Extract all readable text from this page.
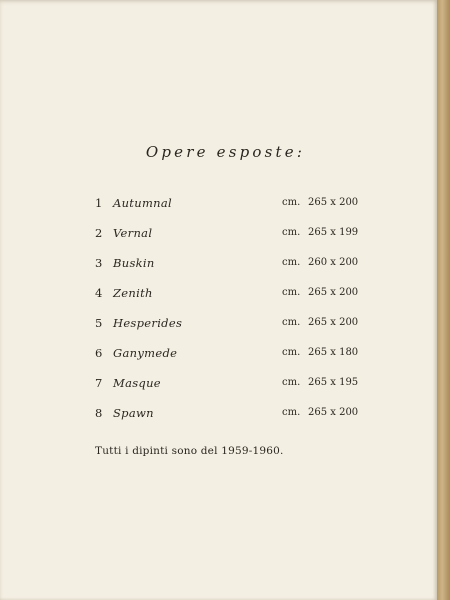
Opere esposte:
1 Autumnal	cm. 265 x 200
2 Vernal	cm. 265 x 199
3 Buskin	cm. 260 x 200
4 Zenith	cm. 265 x 200
5 Hesperides	cm. 265 x 200
6 Ganymede	cm. 265 x 180
7 Masque	cm. 265 x 195
8 Spawn	cm. 265 x 200
Tutti i dipinti sono del 1959-1960.
